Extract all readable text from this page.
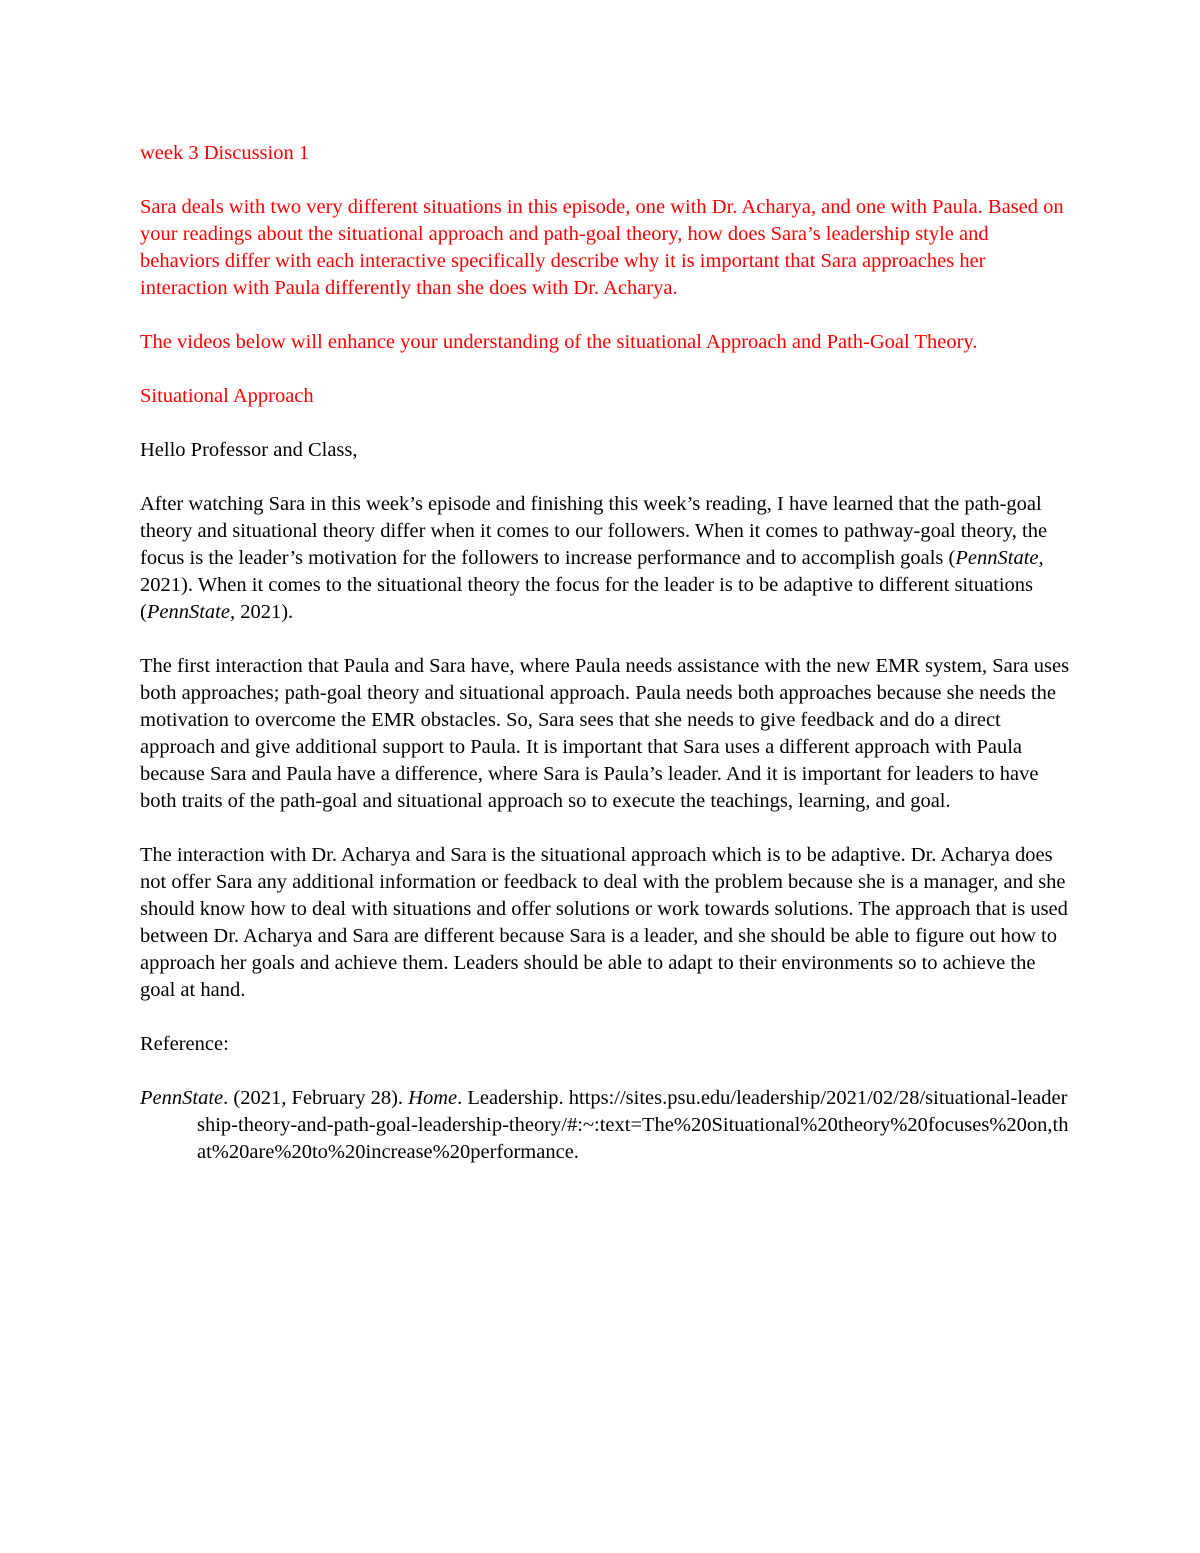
week 3 Discussion 1

Sara deals with two very different situations in this episode, one with Dr. Acharya, and one with Paula. Based on your readings about the situational approach and path-goal theory, how does Sara’s leadership style and behaviors differ with each interactive specifically describe why it is important that Sara approaches her interaction with Paula differently than she does with Dr. Acharya.

The videos below will enhance your understanding of the situational Approach and Path-Goal Theory.

Situational Approach

Hello Professor and Class,

After watching Sara in this week’s episode and finishing this week’s reading, I have learned that the path-goal theory and situational theory differ when it comes to our followers. When it comes to pathway-goal theory, the focus is the leader’s motivation for the followers to increase performance and to accomplish goals (PennState, 2021). When it comes to the situational theory the focus for the leader is to be adaptive to different situations (PennState, 2021).

The first interaction that Paula and Sara have, where Paula needs assistance with the new EMR system, Sara uses both approaches; path-goal theory and situational approach. Paula needs both approaches because she needs the motivation to overcome the EMR obstacles. So, Sara sees that she needs to give feedback and do a direct approach and give additional support to Paula. It is important that Sara uses a different approach with Paula because Sara and Paula have a difference, where Sara is Paula’s leader. And it is important for leaders to have both traits of the path-goal and situational approach so to execute the teachings, learning, and goal.

The interaction with Dr. Acharya and Sara is the situational approach which is to be adaptive. Dr. Acharya does not offer Sara any additional information or feedback to deal with the problem because she is a manager, and she should know how to deal with situations and offer solutions or work towards solutions. The approach that is used between Dr. Acharya and Sara are different because Sara is a leader, and she should be able to figure out how to approach her goals and achieve them. Leaders should be able to adapt to their environments so to achieve the goal at hand.

Reference:

PennState. (2021, February 28). Home. Leadership. https://sites.psu.edu/leadership/2021/02/28/situational-leadership-theory-and-path-goal-leadership-theory/#:~:text=The%20Situational%20theory%20focuses%20on,that%20are%20to%20increase%20performance.
